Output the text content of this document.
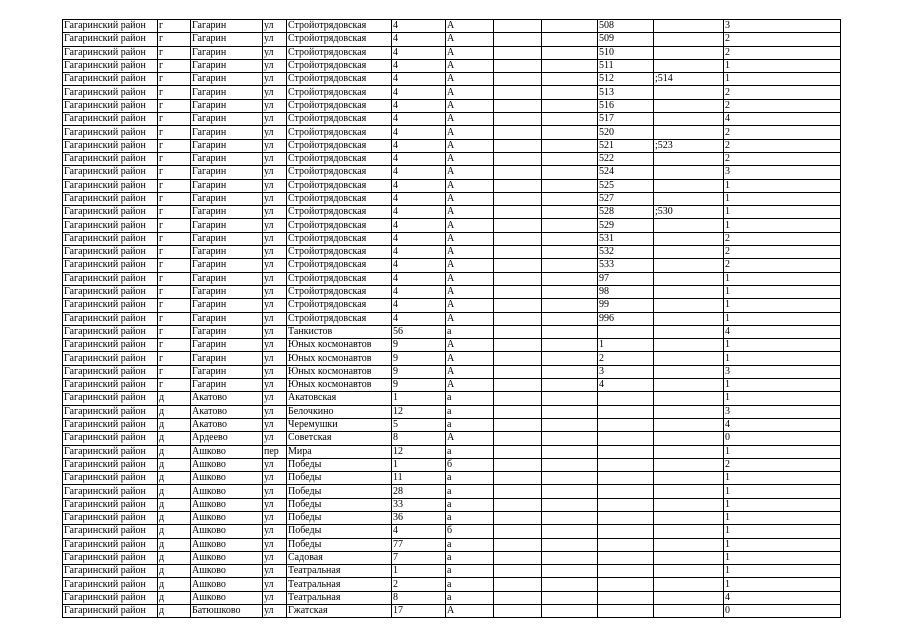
Гагаринский район	г	Гагарин	ул	Стройотрядовская	4	А			508		3
Гагаринский район	г	Гагарин	ул	Стройотрядовская	4	А			509		2
Гагаринский район	г	Гагарин	ул	Стройотрядовская	4	А			510		2
Гагаринский район	г	Гагарин	ул	Стройотрядовская	4	А			511		1
Гагаринский район	г	Гагарин	ул	Стройотрядовская	4	А			512	;514	1
Гагаринский район	г	Гагарин	ул	Стройотрядовская	4	А			513		2
Гагаринский район	г	Гагарин	ул	Стройотрядовская	4	А			516		2
Гагаринский район	г	Гагарин	ул	Стройотрядовская	4	А			517		4
Гагаринский район	г	Гагарин	ул	Стройотрядовская	4	А			520		2
Гагаринский район	г	Гагарин	ул	Стройотрядовская	4	А			521	;523	2
Гагаринский район	г	Гагарин	ул	Стройотрядовская	4	А			522		2
Гагаринский район	г	Гагарин	ул	Стройотрядовская	4	А			524		3
Гагаринский район	г	Гагарин	ул	Стройотрядовская	4	А			525		1
Гагаринский район	г	Гагарин	ул	Стройотрядовская	4	А			527		1
Гагаринский район	г	Гагарин	ул	Стройотрядовская	4	А			528	;530	1
Гагаринский район	г	Гагарин	ул	Стройотрядовская	4	А			529		1
Гагаринский район	г	Гагарин	ул	Стройотрядовская	4	А			531		2
Гагаринский район	г	Гагарин	ул	Стройотрядовская	4	А			532		2
Гагаринский район	г	Гагарин	ул	Стройотрядовская	4	А			533		2
Гагаринский район	г	Гагарин	ул	Стройотрядовская	4	А			97		1
Гагаринский район	г	Гагарин	ул	Стройотрядовская	4	А			98		1
Гагаринский район	г	Гагарин	ул	Стройотрядовская	4	А			99		1
Гагаринский район	г	Гагарин	ул	Стройотрядовская	4	А			996		1
Гагаринский район	г	Гагарин	ул	Танкистов	56	а					4
Гагаринский район	г	Гагарин	ул	Юных космонавтов	9	А			1		1
Гагаринский район	г	Гагарин	ул	Юных космонавтов	9	А			2		1
Гагаринский район	г	Гагарин	ул	Юных космонавтов	9	А			3		3
Гагаринский район	г	Гагарин	ул	Юных космонавтов	9	А			4		1
Гагаринский район	д	Акатово	ул	Акатовская	1	а					1
Гагаринский район	д	Акатово	ул	Белочкино	12	а					3
Гагаринский район	д	Акатово	ул	Черемушки	5	а					4
Гагаринский район	д	Ардеево	ул	Советская	8	А					0
Гагаринский район	д	Ашково	пер	Мира	12	а					1
Гагаринский район	д	Ашково	ул	Победы	1	б					2
Гагаринский район	д	Ашково	ул	Победы	11	а					1
Гагаринский район	д	Ашково	ул	Победы	28	а					1
Гагаринский район	д	Ашково	ул	Победы	33	а					1
Гагаринский район	д	Ашково	ул	Победы	36	а					1
Гагаринский район	д	Ашково	ул	Победы	4	б					1
Гагаринский район	д	Ашково	ул	Победы	77	а					1
Гагаринский район	д	Ашково	ул	Садовая	7	а					1
Гагаринский район	д	Ашково	ул	Театральная	1	а					1
Гагаринский район	д	Ашково	ул	Театральная	2	а					1
Гагаринский район	д	Ашково	ул	Театральная	8	а					4
Гагаринский район	д	Батюшково	ул	Гжатская	17	А					0
